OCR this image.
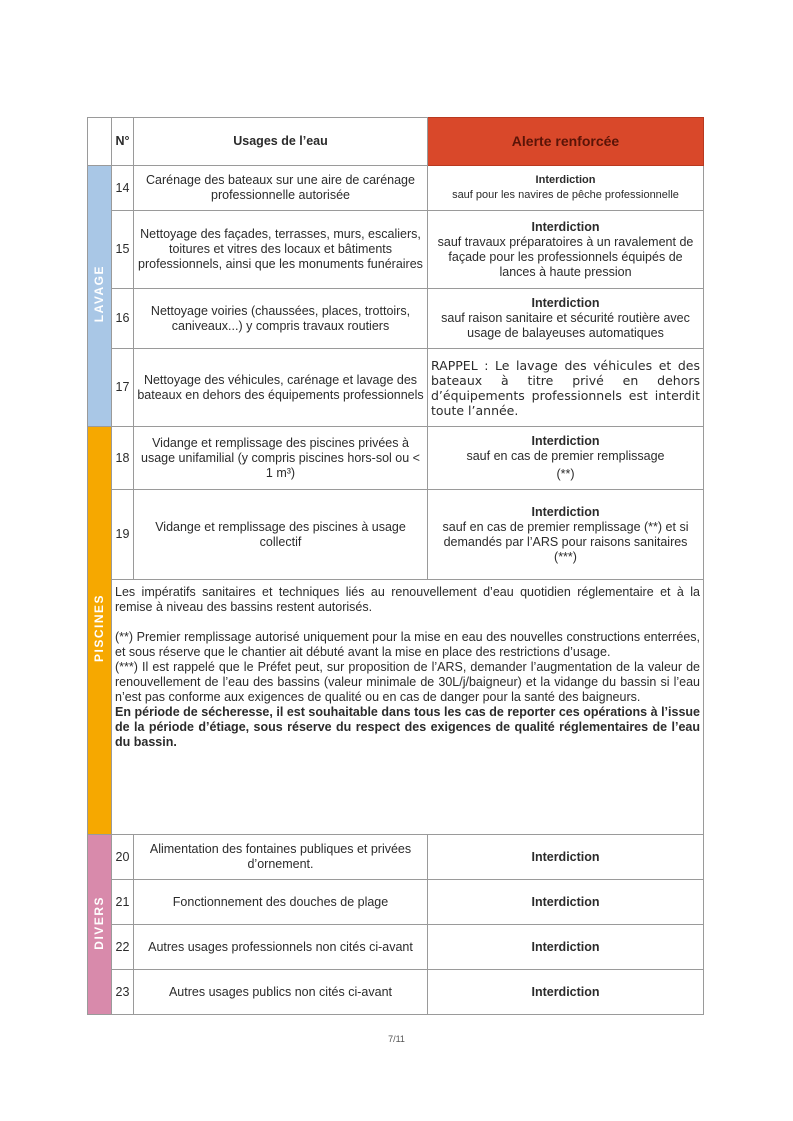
	N°	Usages de l’eau	Alerte renforcée
LAVAGE	14	Carénage des bateaux sur une aire de carénage professionnelle autorisée	Interdiction
sauf pour les navires de pêche professionnelle
	15	Nettoyage des façades, terrasses, murs, escaliers, toitures et vitres des locaux et bâtiments professionnels, ainsi que les monuments funéraires	Interdiction
sauf travaux préparatoires à un ravalement de façade pour les professionnels équipés de lances à haute pression
	16	Nettoyage voiries (chaussées, places, trottoirs, caniveaux...) y compris travaux routiers	Interdiction
sauf raison sanitaire et sécurité routière avec usage de balayeuses automatiques
	17	Nettoyage des véhicules, carénage et lavage des bateaux en dehors des équipements professionnels	RAPPEL : Le lavage des véhicules et des bateaux à titre privé en dehors d’équipements professionnels est interdit toute l’année.
PISCINES	18	Vidange et remplissage des piscines privées à usage unifamilial (y compris piscines hors-sol ou < 1 m³)	Interdiction
sauf en cas de premier remplissage
(**)

	19	Vidange et remplissage des piscines à usage collectif	Interdiction
sauf en cas de premier remplissage (**) et si demandés par l’ARS pour raisons sanitaires
(***)

	Les impératifs sanitaires et techniques liés au renouvellement d’eau quotidien réglementaire et à la remise à niveau des bassins restent autorisés.

(**) Premier remplissage autorisé uniquement pour la mise en eau des nouvelles constructions enterrées, et sous réserve que le chantier ait débuté avant la mise en place des restrictions d’usage.

(***) Il est rappelé que le Préfet peut, sur proposition de l’ARS, demander l’augmentation de la valeur de renouvellement de l’eau des bassins (valeur minimale de 30L/j/baigneur) et la vidange du bassin si l’eau n’est pas conforme aux exigences de qualité ou en cas de danger pour la santé des baigneurs.

En période de sécheresse, il est souhaitable dans tous les cas de reporter ces opérations à l’issue de la période d’étiage, sous réserve du respect des exigences de qualité réglementaires de l’eau du bassin.		

DIVERS	20	Alimentation des fontaines publiques et privées d’ornement.	Interdiction

	21	Fonctionnement des douches de plage	Interdiction

	22	Autres usages professionnels non cités ci-avant	Interdiction

	23	Autres usages publics non cités ci-avant	Interdiction
7/11
